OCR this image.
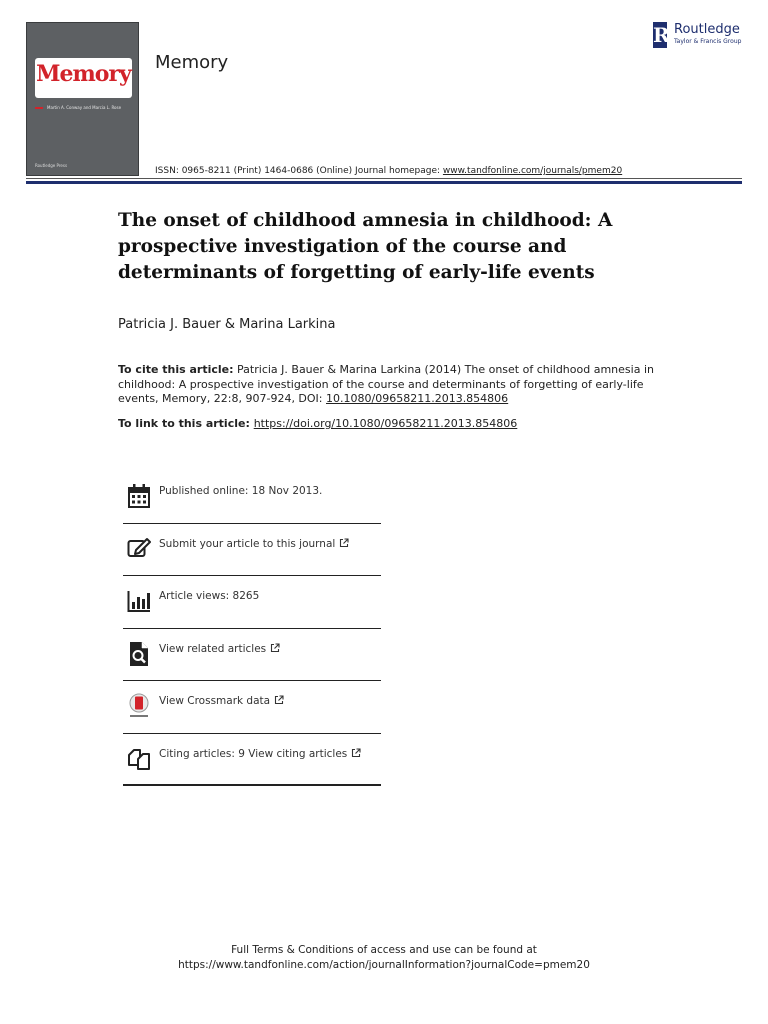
Memory
Martin A. Conway and Marcia L. Rose
Routledge Press
Memory
R Routledge
Taylor & Francis Group
ISSN: 0965-8211 (Print) 1464-0686 (Online) Journal homepage: www.tandfonline.com/journals/pmem20
The onset of childhood amnesia in childhood: A prospective investigation of the course and determinants of forgetting of early-life events
Patricia J. Bauer & Marina Larkina
To cite this article: Patricia J. Bauer & Marina Larkina (2014) The onset of childhood amnesia in childhood: A prospective investigation of the course and determinants of forgetting of early-life events, Memory, 22:8, 907-924, DOI: 10.1080/09658211.2013.854806
To link to this article: https://doi.org/10.1080/09658211.2013.854806
Published online: 18 Nov 2013.
Submit your article to this journal
Article views: 8265
View related articles
View Crossmark data
Citing articles: 9 View citing articles
Full Terms & Conditions of access and use can be found at
https://www.tandfonline.com/action/journalInformation?journalCode=pmem20
